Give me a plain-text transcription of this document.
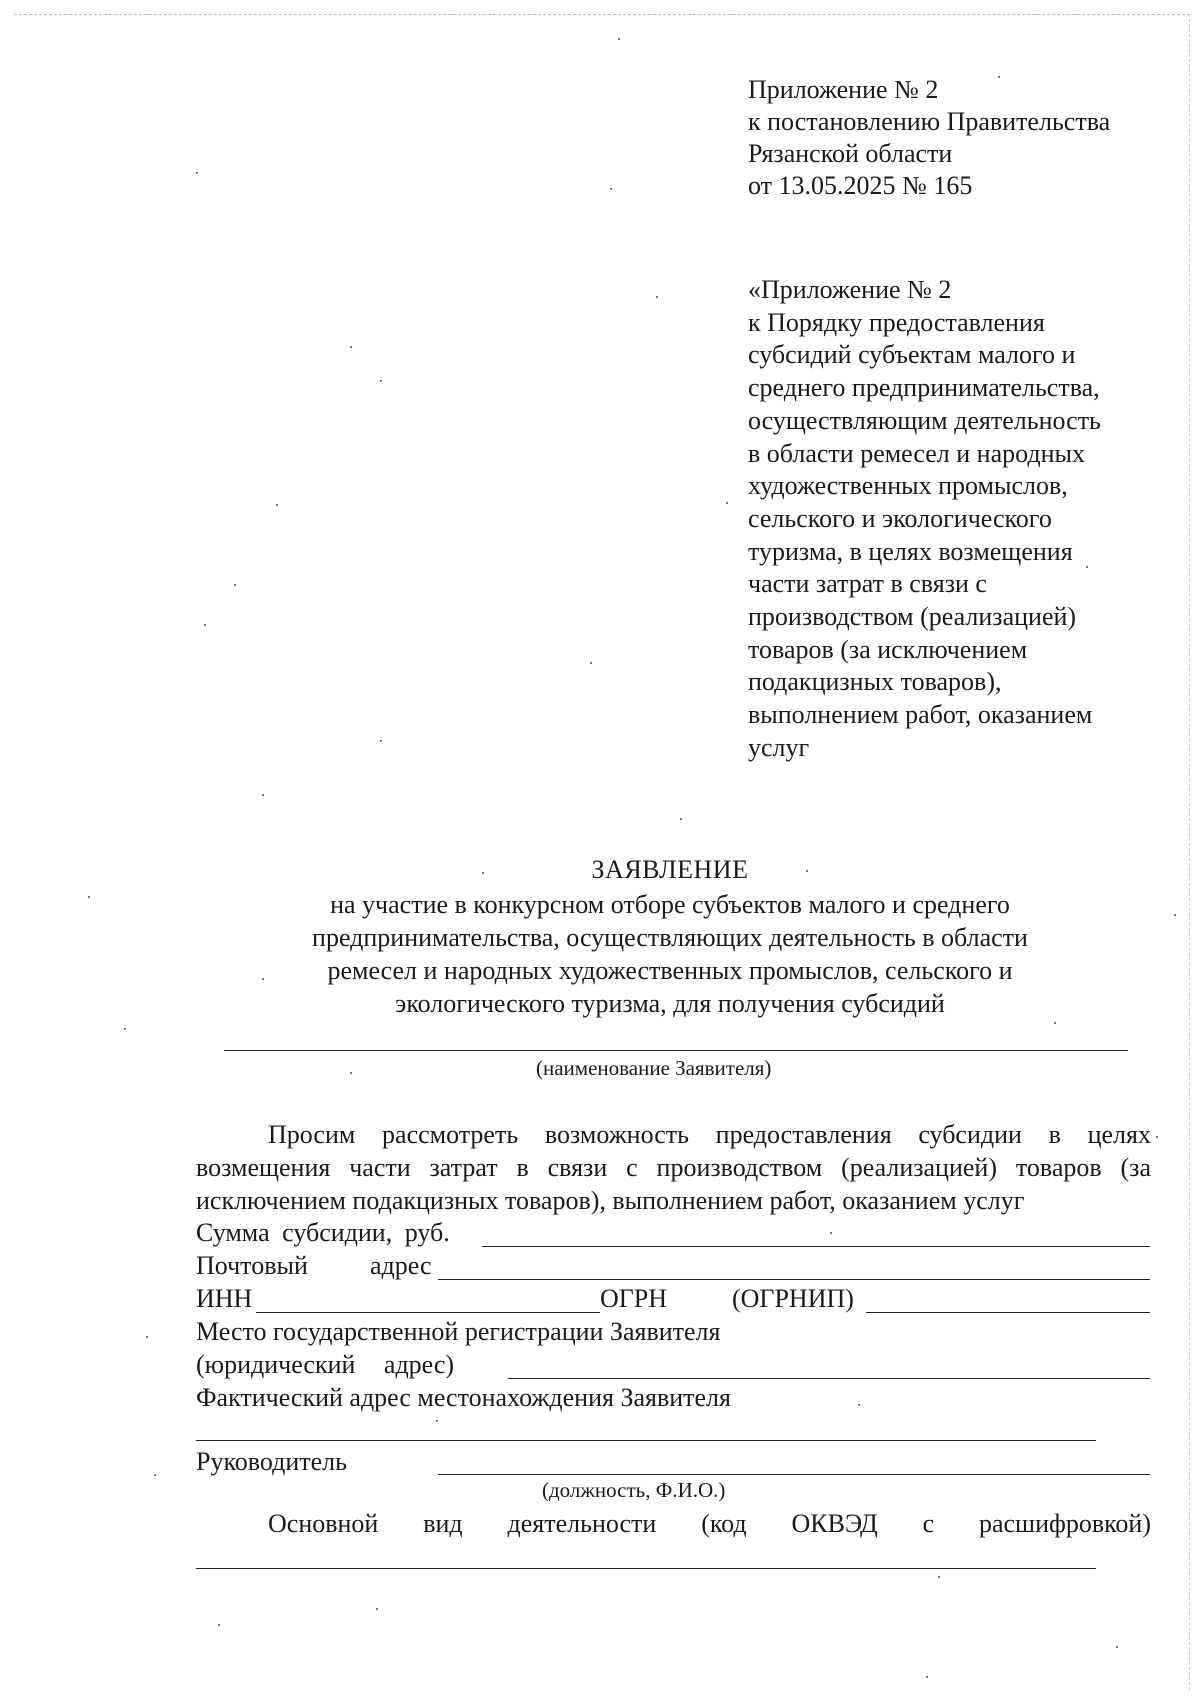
Приложение № 2
к постановлению Правительства
Рязанской области
от 13.05.2025 № 165
«Приложение № 2
к Порядку предоставления
субсидий субъектам малого и
среднего предпринимательства,
осуществляющим деятельность
в области ремесел и народных
художественных промыслов,
сельского и экологического
туризма, в целях возмещения
части затрат в связи с
производством (реализацией)
товаров (за исключением
подакцизных товаров),
выполнением работ, оказанием
услуг
ЗАЯВЛЕНИЕ
на участие в конкурсном отборе субъектов малого и среднего
предпринимательства, осуществляющих деятельность в области
ремесел и народных художественных промыслов, сельского и
экологического туризма, для получения субсидий
(наименование Заявителя)
Просим рассмотреть возможность предоставления субсидии в целях
возмещения части затрат в связи с производством (реализацией) товаров (за
исключением подакцизных товаров), выполнением работ, оказанием услуг
Сумма субсидии, руб.
Почтовый адрес
ИНН	ОГРН (ОГРНИП)
Место государственной регистрации Заявителя
(юридический адрес)
Фактический адрес местонахождения Заявителя
Руководитель
(должность, Ф.И.О.)
Основной вид деятельности (код ОКВЭД с расшифровкой)
